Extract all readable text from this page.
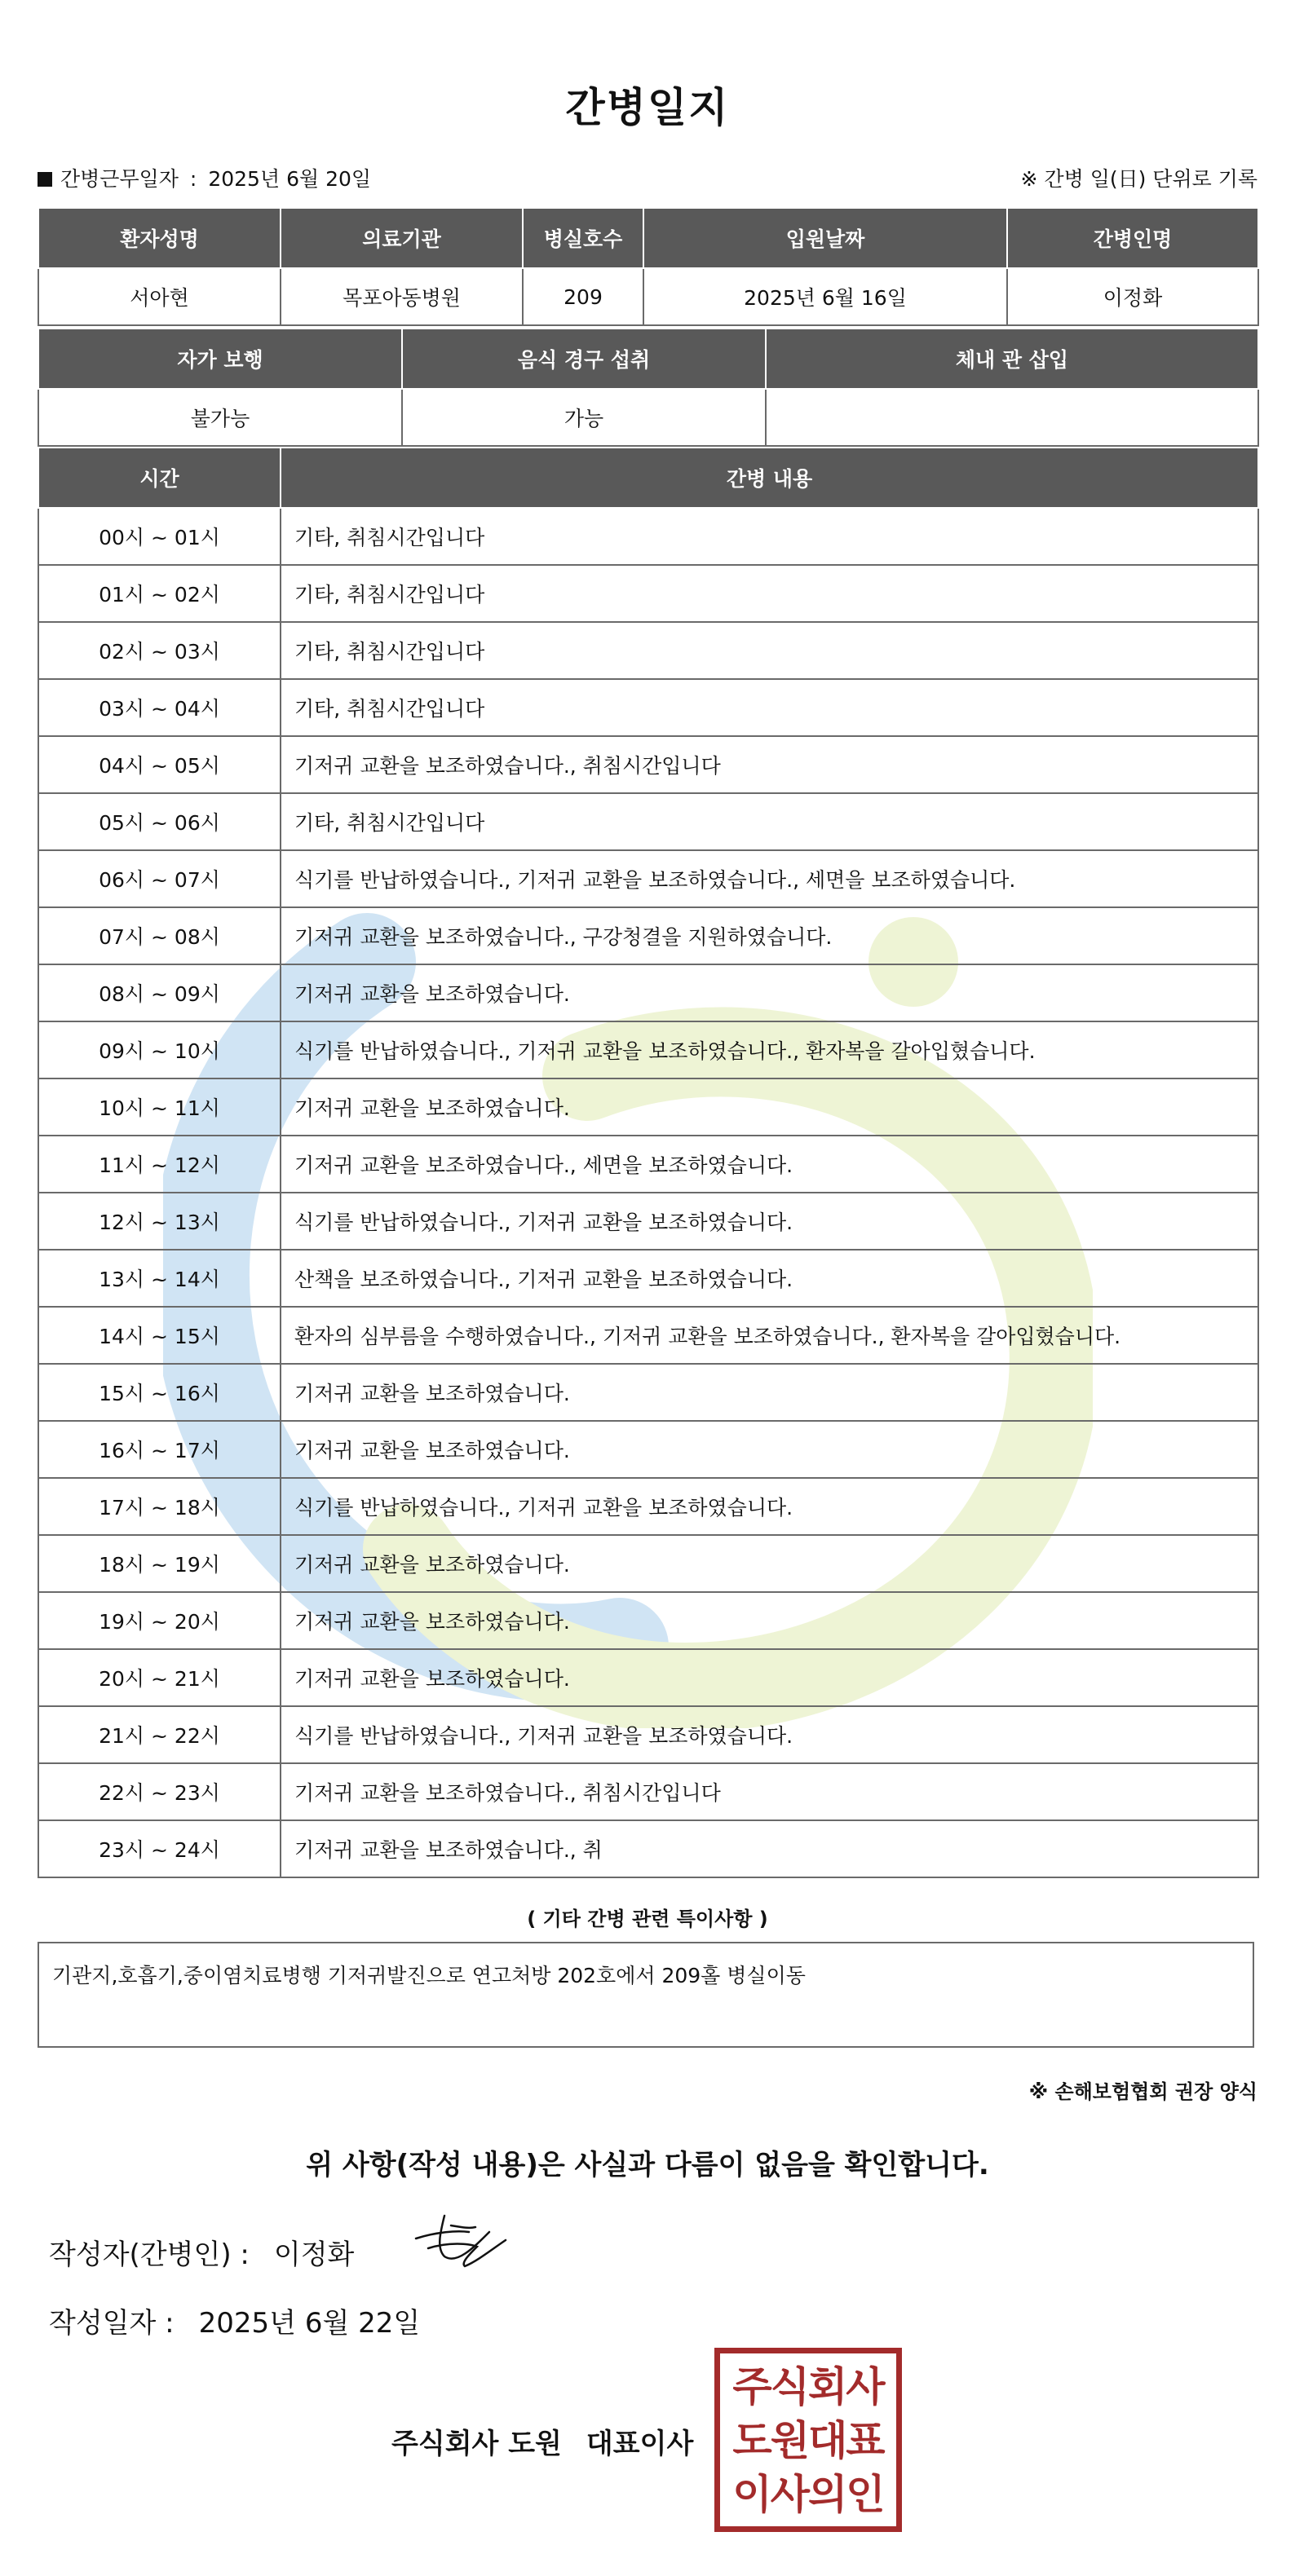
간병일지
간병근무일자 : 2025년 6월 20일	※ 간병 일(日) 단위로 기록
환자성명	의료기관	병실호수	입원날짜	간병인명
서아현	목포아동병원	209	2025년 6월 16일	이정화
자가 보행	음식 경구 섭취	체내 관 삽입
불가능	가능	
시간	간병 내용
00시 ~ 01시	기타, 취침시간입니다
01시 ~ 02시	기타, 취침시간입니다
02시 ~ 03시	기타, 취침시간입니다
03시 ~ 04시	기타, 취침시간입니다
04시 ~ 05시	기저귀 교환을 보조하였습니다., 취침시간입니다
05시 ~ 06시	기타, 취침시간입니다
06시 ~ 07시	식기를 반납하였습니다., 기저귀 교환을 보조하였습니다., 세면을 보조하였습니다.
07시 ~ 08시	기저귀 교환을 보조하였습니다., 구강청결을 지원하였습니다.
08시 ~ 09시	기저귀 교환을 보조하였습니다.
09시 ~ 10시	식기를 반납하였습니다., 기저귀 교환을 보조하였습니다., 환자복을 갈아입혔습니다.
10시 ~ 11시	기저귀 교환을 보조하였습니다.
11시 ~ 12시	기저귀 교환을 보조하였습니다., 세면을 보조하였습니다.
12시 ~ 13시	식기를 반납하였습니다., 기저귀 교환을 보조하였습니다.
13시 ~ 14시	산책을 보조하였습니다., 기저귀 교환을 보조하였습니다.
14시 ~ 15시	환자의 심부름을 수행하였습니다., 기저귀 교환을 보조하였습니다., 환자복을 갈아입혔습니다.
15시 ~ 16시	기저귀 교환을 보조하였습니다.
16시 ~ 17시	기저귀 교환을 보조하였습니다.
17시 ~ 18시	식기를 반납하였습니다., 기저귀 교환을 보조하였습니다.
18시 ~ 19시	기저귀 교환을 보조하였습니다.
19시 ~ 20시	기저귀 교환을 보조하였습니다.
20시 ~ 21시	기저귀 교환을 보조하였습니다.
21시 ~ 22시	식기를 반납하였습니다., 기저귀 교환을 보조하였습니다.
22시 ~ 23시	기저귀 교환을 보조하였습니다., 취침시간입니다
23시 ~ 24시	기저귀 교환을 보조하였습니다., 취
( 기타 간병 관련 특이사항 )
기관지,호흡기,중이염치료병행 기저귀발진으로 연고처방 202호에서 209홀 병실이동
※ 손해보험협회 권장 양식
위 사항(작성 내용)은 사실과 다름이 없음을 확인합니다.
작성자(간병인) : 이정화
작성일자 : 2025년 6월 22일
주식회사 도원 대표이사
주식회사도원대표이사의인
